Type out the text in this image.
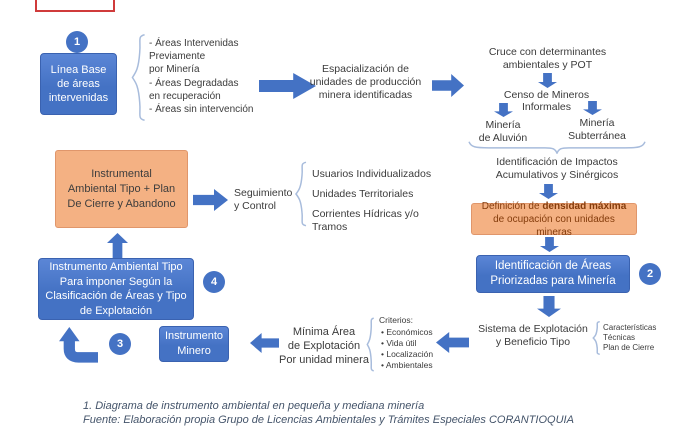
1
Línea Base
de áreas
intervenidas
- Áreas Intervenidas
Previamente
por Minería
- Áreas Degradadas
en recuperación
- Áreas sin intervención
Espacialización de
unidades de producción
minera identificadas
Cruce con determinantes
ambientales y POT
Censo de Mineros Informales
Minería
de Aluvión
Minería
Subterránea
Identificación de Impactos
Acumulativos y Sinérgicos
Definición de densidad máxima de ocupación con unidades mineras
Identificación de Áreas
Priorizadas para Minería
2
Sistema de Explotación
y Beneficio Tipo
Características
Técnicas
Plan de Cierre
Criterios:
• Económicos
• Vida útil
• Localización
• Ambientales
Mínima Área
de Explotación
Por unidad minera
Instrumento
Minero
3
Instrumento Ambiental Tipo
Para imponer Según la
Clasificación de Áreas y Tipo
de Explotación
4
Instrumental
Ambiental Tipo + Plan
De Cierre y Abandono
Seguimiento
y Control
Usuarios Individualizados
Unidades Territoriales
Corrientes Hídricas y/o Tramos
1. Diagrama de instrumento ambiental en pequeña y mediana minería
Fuente: Elaboración propia Grupo de Licencias Ambientales y Trámites Especiales CORANTIOQUIA
